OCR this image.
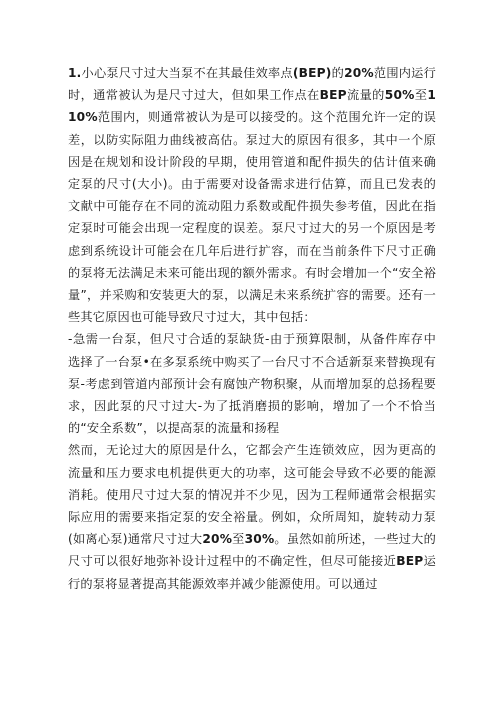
1.小心泵尺寸过大当泵不在其最佳效率点(BEP)的20%范围内运行时，通常被认为是尺寸过大，但如果工作点在BEP流量的50%至110%范围内，则通常被认为是可以接受的。这个范围允许一定的误差，以防实际阻力曲线被高估。泵过大的原因有很多，其中一个原因是在规划和设计阶段的早期，使用管道和配件损失的估计值来确定泵的尺寸(大小)。由于需要对设备需求进行估算，而且已发表的文献中可能存在不同的流动阻力系数或配件损失参考值，因此在指定泵时可能会出现一定程度的误差。泵尺寸过大的另一个原因是考虑到系统设计可能会在几年后进行扩容，而在当前条件下尺寸正确的泵将无法满足未来可能出现的额外需求。有时会增加一个“安全裕量”，并采购和安装更大的泵，以满足未来系统扩容的需要。还有一些其它原因也可能导致尺寸过大，其中包括：

-急需一台泵，但尺寸合适的泵缺货-由于预算限制，从备件库存中选择了一台泵•在多泵系统中购买了一台尺寸不合适新泵来替换现有泵-考虑到管道内部预计会有腐蚀产物积聚，从而增加泵的总扬程要求，因此泵的尺寸过大-为了抵消磨损的影响，增加了一个不恰当的“安全系数”，以提高泵的流量和扬程

然而，无论过大的原因是什么，它都会产生连锁效应，因为更高的流量和压力要求电机提供更大的功率，这可能会导致不必要的能源消耗。使用尺寸过大泵的情况并不少见，因为工程师通常会根据实际应用的需要来指定泵的安全裕量。例如，众所周知，旋转动力泵(如离心泵)通常尺寸过大20%至30%。虽然如前所述，一些过大的尺寸可以很好地弥补设计过程中的不确定性，但尽可能接近BEP运行的泵将显著提高其能源效率并减少能源使用。可以通过
